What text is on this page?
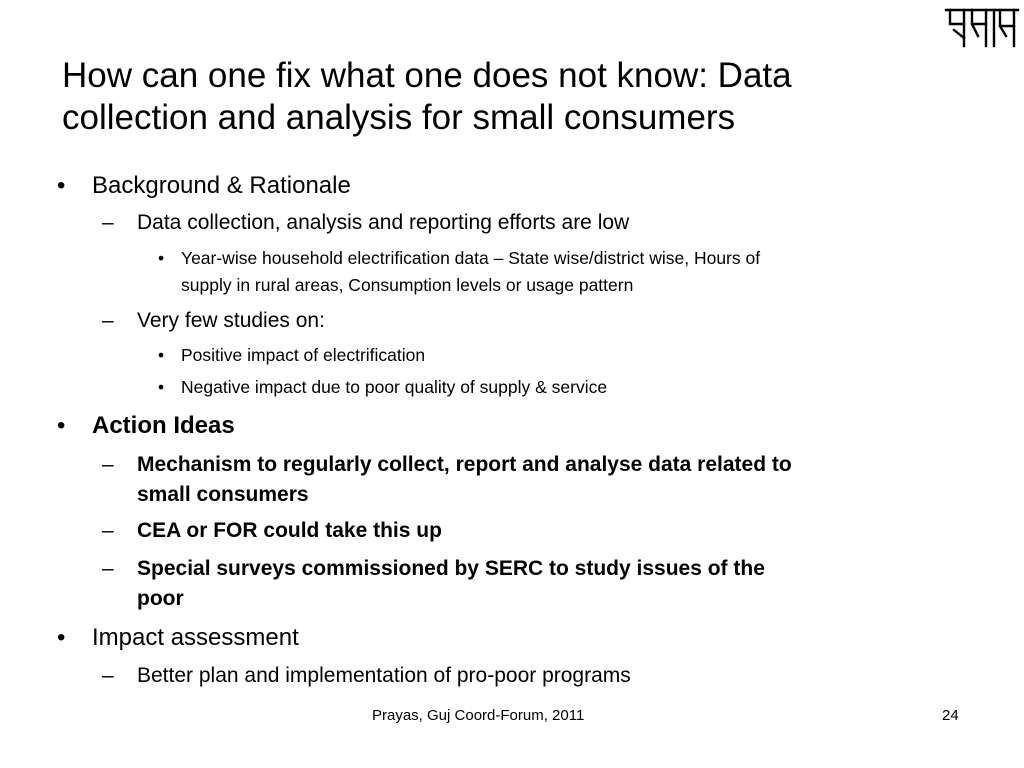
How can one fix what one does not know: Data
collection and analysis for small consumers
• Background & Rationale
– Data collection, analysis and reporting efforts are low
• Year-wise household electrification data – State wise/district wise, Hours of
supply in rural areas, Consumption levels or usage pattern
– Very few studies on:
• Positive impact of electrification
• Negative impact due to poor quality of supply & service
• Action Ideas
– Mechanism to regularly collect, report and analyse data related to
small consumers
– CEA or FOR could take this up
– Special surveys commissioned by SERC to study issues of the
poor
• Impact assessment
– Better plan and implementation of pro-poor programs
Prayas, Guj Coord-Forum, 2011	24
